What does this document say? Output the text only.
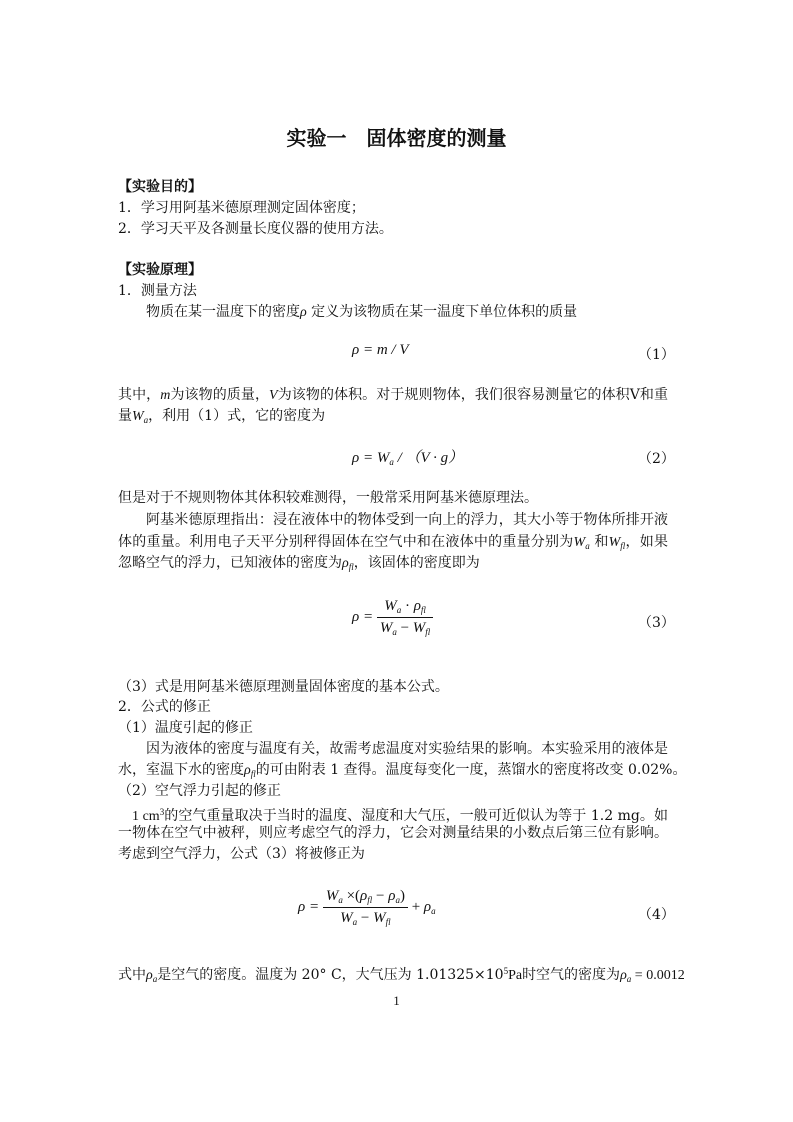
实验一　固体密度的测量
【实验目的】
1．学习用阿基米德原理测定固体密度；
2．学习天平及各测量长度仪器的使用方法。
【实验原理】
1．测量方法
物质在某一温度下的密度ρ 定义为该物质在某一温度下单位体积的质量
ρ = m / V	（1）
其中，m为该物的质量，V为该物的体积。对于规则物体，我们很容易测量它的体积V和重
量$W_a$，利用（1）式，它的密度为
$\rho = W_a / (V \cdot g)$	（2）
但是对于不规则物体其体积较难测得，一般常采用阿基米德原理法。
阿基米德原理指出：浸在液体中的物体受到一向上的浮力，其大小等于物体所排开液
体的重量。利用电子天平分别秤得固体在空气中和在液体中的重量分别为$W_a$ 和$W_{fl}$，如果
忽略空气的浮力，已知液体的密度为$\rho_{fl}$，该固体的密度即为
$\rho = \frac{W_a \cdot \rho_{fl}}{W_a - W_{fl}}$	（3）
（3）式是用阿基米德原理测量固体密度的基本公式。
2．公式的修正
（1）温度引起的修正
因为液体的密度与温度有关，故需考虑温度对实验结果的影响。本实验采用的液体是
水，室温下水的密度$\rho_{fl}$的可由附表 1 查得。温度每变化一度，蒸馏水的密度将改变 0.02%。
（2）空气浮力引起的修正
1 $cm^3$的空气重量取决于当时的温度、湿度和大气压，一般可近似认为等于 1.2 mg。如
一物体在空气中被秤，则应考虑空气的浮力，它会对测量结果的小数点后第三位有影响。
考虑到空气浮力，公式（3）将被修正为
$\rho = \frac{W_a \times(\rho_{fl} - \rho_a)}{W_a - W_{fl}} + \rho_a$	（4）
式中$\rho_a$是空气的密度。温度为 20° C，大气压为 $1.01325\times 10^5Pa$时空气的密度为$\rho_a = 0.0012$
1
